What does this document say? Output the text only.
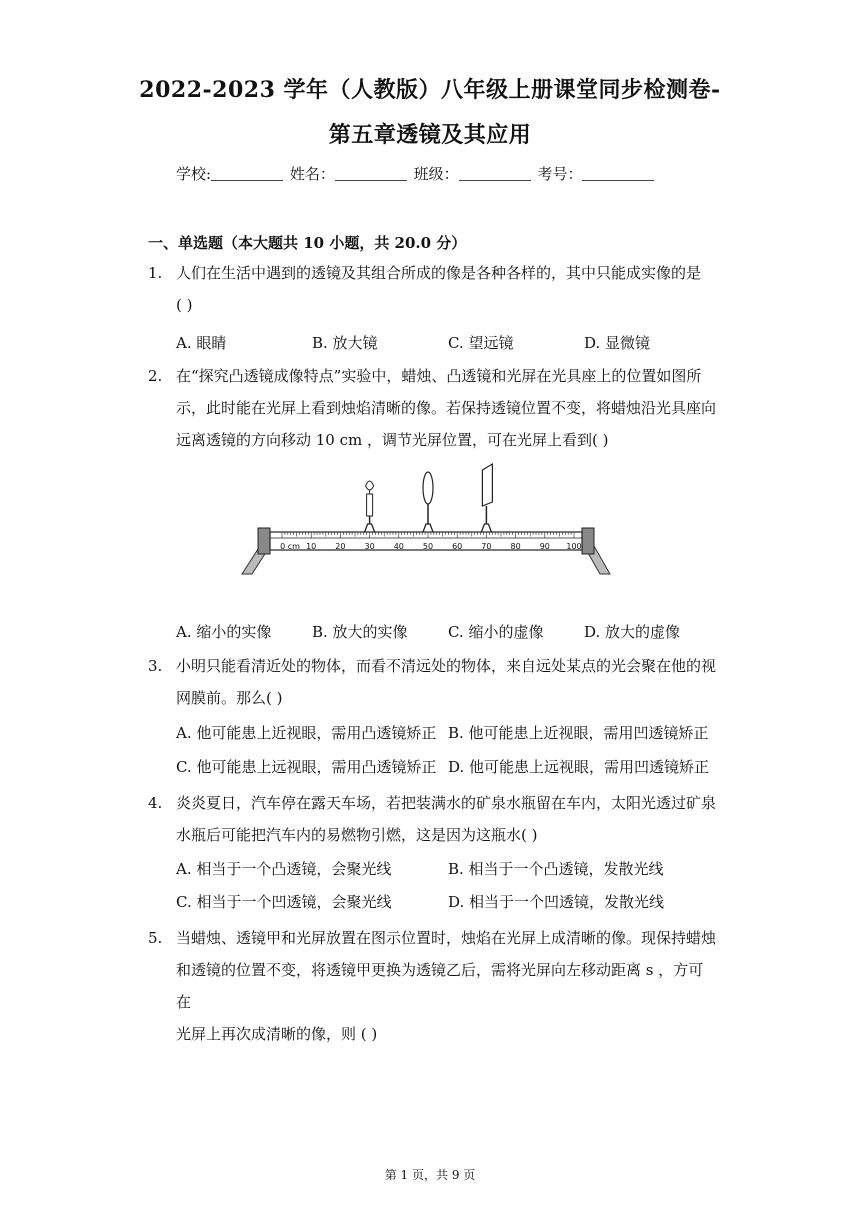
2022-2023 学年（人教版）八年级上册课堂同步检测卷-
第五章透镜及其应用
学校:	姓名：	班级：	考号：
一、单选题（本大题共 10 小题，共 20.0 分）
1. 人们在生活中遇到的透镜及其组合所成的像是各种各样的，其中只能成实像的是
( )
A. 眼睛	B. 放大镜	C. 望远镜	D. 显微镜
2. 在“探究凸透镜成像特点”实验中，蜡烛、凸透镜和光屏在光具座上的位置如图所
示，此时能在光屏上看到烛焰清晰的像。若保持透镜位置不变，将蜡烛沿光具座向
远离透镜的方向移动 10 cm ，调节光屏位置，可在光屏上看到( )
0 cm 10 20 30 40 50 60 70 80 90 100
A. 缩小的实像	B. 放大的实像	C. 缩小的虚像	D. 放大的虚像
3. 小明只能看清近处的物体，而看不清远处的物体，来自远处某点的光会聚在他的视
网膜前。那么( )
A. 他可能患上近视眼，需用凸透镜矫正 B. 他可能患上近视眼，需用凹透镜矫正
C. 他可能患上远视眼，需用凸透镜矫正 D. 他可能患上远视眼，需用凹透镜矫正
4. 炎炎夏日，汽车停在露天车场，若把装满水的矿泉水瓶留在车内，太阳光透过矿泉
水瓶后可能把汽车内的易燃物引燃，这是因为这瓶水( )
A. 相当于一个凸透镜，会聚光线	B. 相当于一个凸透镜，发散光线
C. 相当于一个凹透镜，会聚光线	D. 相当于一个凹透镜，发散光线
5. 当蜡烛、透镜甲和光屏放置在图示位置时，烛焰在光屏上成清晰的像。现保持蜡烛
和透镜的位置不变，将透镜甲更换为透镜乙后，需将光屏向左移动距离 s ，方可在
光屏上再次成清晰的像，则 ( )
第 1 页，共 9 页
